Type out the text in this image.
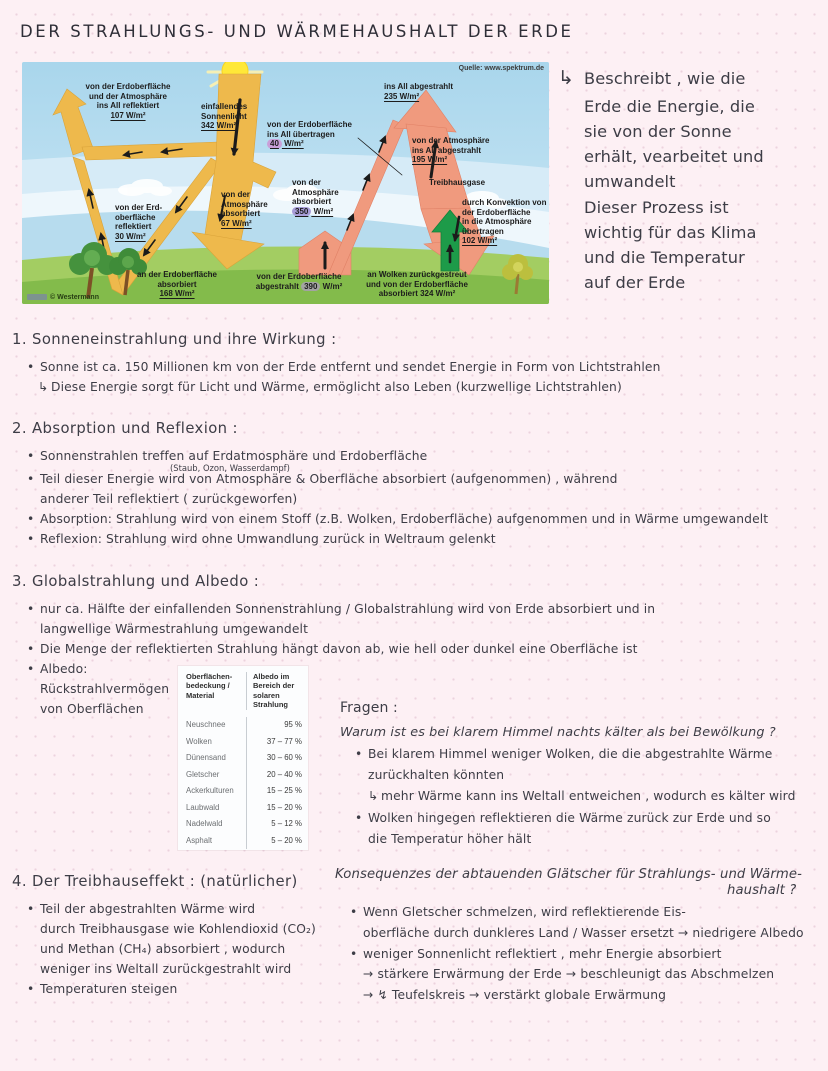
DER STRAHLUNGS- UND WÄRMEHAUSHALT DER ERDE
von der Erdoberfläche
und der Atmosphäre
ins All reflektiert
107 W/m²
einfallendes
Sonnenlicht
342 W/m²	von der Erdoberfläche
ins All übertragen
40 W/m²
ins All abgestrahlt
235 W/m²
von der Atmosphäre
ins All abgestrahlt
195 W/m²
Treibhausgase
von der
Atmosphäre
absorbiert
67 W/m²
von der
Atmosphäre
absorbiert
350 W/m²
durch Konvektion von
der Erdoberfläche
in die Atmosphäre
übertragen
102 W/m²
von der Erd-
oberfläche
reflektiert
30 W/m²
an der Erdoberfläche
absorbiert
168 W/m²
von der Erdoberfläche
abgestrahlt 390 W/m²
an Wolken zurückgestreut
und von der Erdoberfläche
absorbiert 324 W/m²
Quelle: www.spektrum.de
© Westermann
↳ Beschreibt , wie die
Erde die Energie, die
sie von der Sonne
erhält, vearbeitet und
umwandelt
Dieser Prozess ist
wichtig für das Klima
und die Temperatur
auf der Erde
1. Sonneneinstrahlung und ihre Wirkung :
• Sonne ist ca. 150 Millionen km von der Erde entfernt und sendet Energie in Form von Lichtstrahlen
↳ Diese Energie sorgt für Licht und Wärme, ermöglicht also Leben (kurzwellige Lichtstrahlen)
2. Absorption und Reflexion :
• Sonnenstrahlen treffen auf Erdatmosphäre und Erdoberfläche
(Staub, Ozon, Wasserdampf)
• Teil dieser Energie wird von Atmosphäre & Oberfläche absorbiert (aufgenommen) , während
anderer Teil reflektiert ( zurückgeworfen)
• Absorption: Strahlung wird von einem Stoff (z.B. Wolken, Erdoberfläche) aufgenommen und in Wärme umgewandelt
• Reflexion: Strahlung wird ohne Umwandlung zurück in Weltraum gelenkt
3. Globalstrahlung und Albedo :
• nur ca. Hälfte der einfallenden Sonnenstrahlung / Globalstrahlung wird von Erde absorbiert und in
langwellige Wärmestrahlung umgewandelt
• Die Menge der reflektierten Strahlung hängt davon ab, wie hell oder dunkel eine Oberfläche ist
• Albedo:
Rückstrahlvermögen
von Oberflächen
Oberflächenbedeckung / Material
Albedo im Bereich der solaren Strahlung
Neuschnee	95 %
Wolken	37 – 77 %
Dünensand	30 – 60 %
Gletscher	20 – 40 %
Ackerkulturen	15 – 25 %
Laubwald	15 – 20 %
Nadelwald	5 – 12 %
Asphalt	5 – 20 %
Fragen :
Warum ist es bei klarem Himmel nachts kälter als bei Bewölkung ?
• Bei klarem Himmel weniger Wolken, die die abgestrahlte Wärme
zurückhalten könnten
↳ mehr Wärme kann ins Weltall entweichen , wodurch es kälter wird
• Wolken hingegen reflektieren die Wärme zurück zur Erde und so
die Temperatur höher hält
4. Der Treibhauseffekt : (natürlicher)
• Teil der abgestrahlten Wärme wird
durch Treibhausgase wie Kohlendioxid (CO₂)
und Methan (CH₄) absorbiert , wodurch
weniger ins Weltall zurückgestrahlt wird
• Temperaturen steigen
Konsequenzes der abtauenden Glätscher für Strahlungs- und Wärme-
haushalt ?
• Wenn Gletscher schmelzen, wird reflektierende Eis-
oberfläche durch dunkleres Land / Wasser ersetzt → niedrigere Albedo
• weniger Sonnenlicht reflektiert , mehr Energie absorbiert
→ stärkere Erwärmung der Erde → beschleunigt das Abschmelzen
→ ↯ Teufelskreis → verstärkt globale Erwärmung
